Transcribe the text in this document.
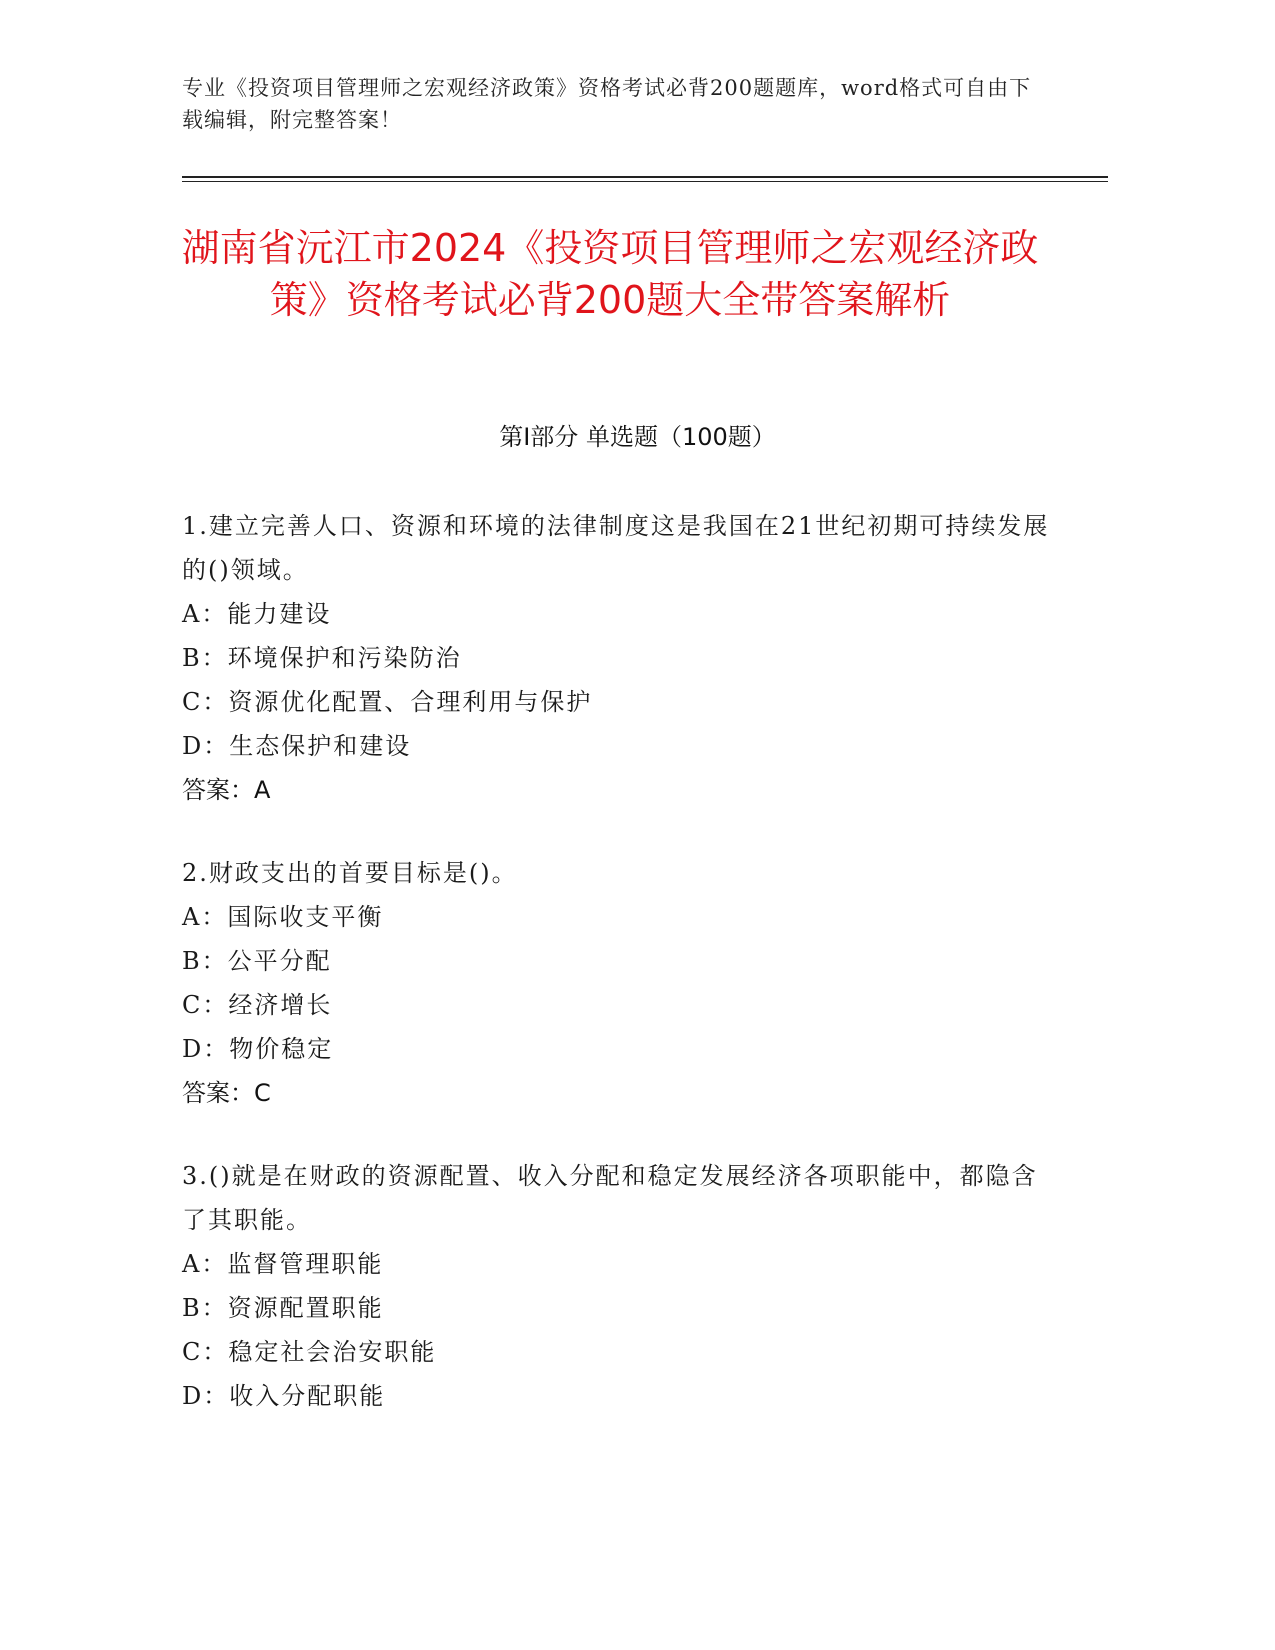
专业《投资项目管理师之宏观经济政策》资格考试必背200题题库，word格式可自由下载编辑，附完整答案！
湖南省沅江市2024《投资项目管理师之宏观经济政策》资格考试必背200题大全带答案解析
第I部分 单选题（100题）
1.建立完善人口、资源和环境的法律制度这是我国在21世纪初期可持续发展的()领域。
A：能力建设
B：环境保护和污染防治
C：资源优化配置、合理利用与保护
D：生态保护和建设
答案：A
2.财政支出的首要目标是()。
A：国际收支平衡
B：公平分配
C：经济增长
D：物价稳定
答案：C
3.()就是在财政的资源配置、收入分配和稳定发展经济各项职能中，都隐含了其职能。
A：监督管理职能
B：资源配置职能
C：稳定社会治安职能
D：收入分配职能
